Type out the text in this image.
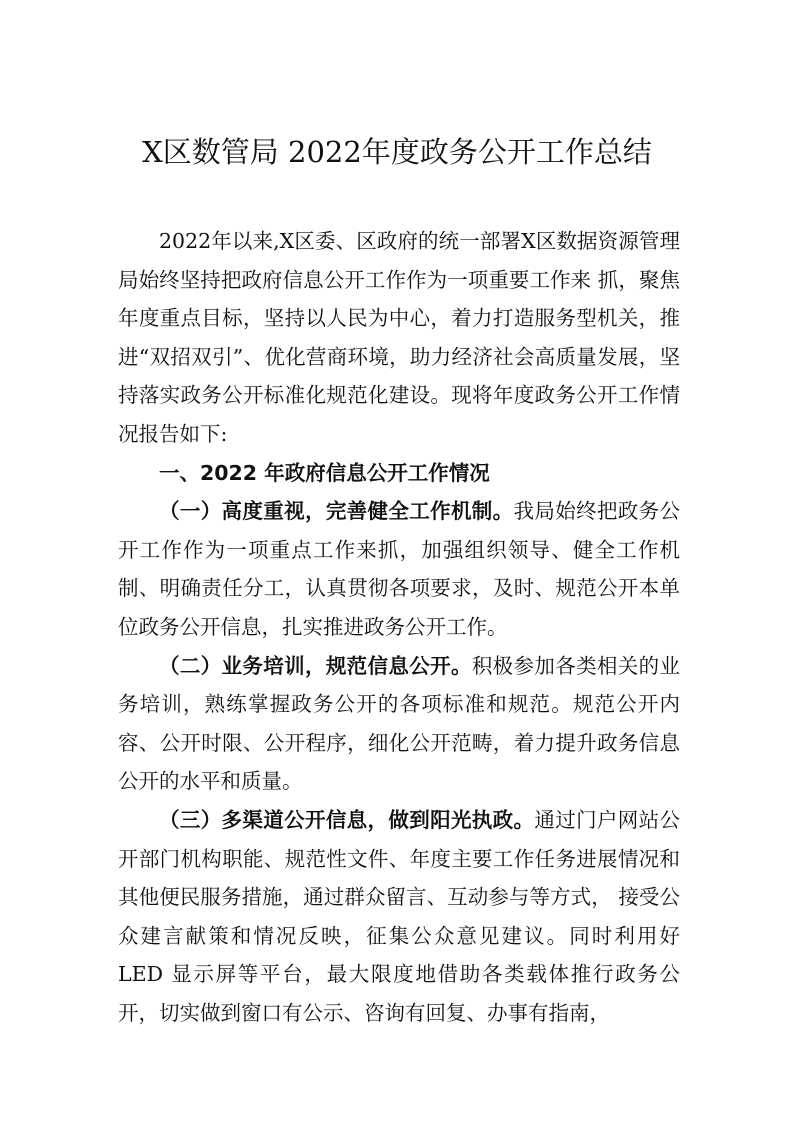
X区数管局 2022年度政务公开工作总结

2022年以来,X区委、区政府的统一部署X区数据资源管理局始终坚持把政府信息公开工作作为一项重要工作来 抓，聚焦年度重点目标，坚持以人民为中心，着力打造服务型机关，推进“双招双引”、优化营商环境，助力经济社会高质量发展，坚持落实政务公开标准化规范化建设。现将年度政务公开工作情况报告如下:

一、2022 年政府信息公开工作情况

（一）高度重视，完善健全工作机制。我局始终把政务公开工作作为一项重点工作来抓，加强组织领导、健全工作机制、明确责任分工，认真贯彻各项要求，及时、规范公开本单位政务公开信息，扎实推进政务公开工作。

（二）业务培训，规范信息公开。积极参加各类相关的业务培训，熟练掌握政务公开的各项标准和规范。规范公开内容、公开时限、公开程序，细化公开范畴，着力提升政务信息公开的水平和质量。

（三）多渠道公开信息，做到阳光执政。通过门户网站公开部门机构职能、规范性文件、年度主要工作任务进展情况和其他便民服务措施，通过群众留言、互动参与等方式， 接受公众建言献策和情况反映，征集公众意见建议。同时利用好 LED 显示屏等平台，最大限度地借助各类载体推行政务公开，切实做到窗口有公示、咨询有回复、办事有指南，
